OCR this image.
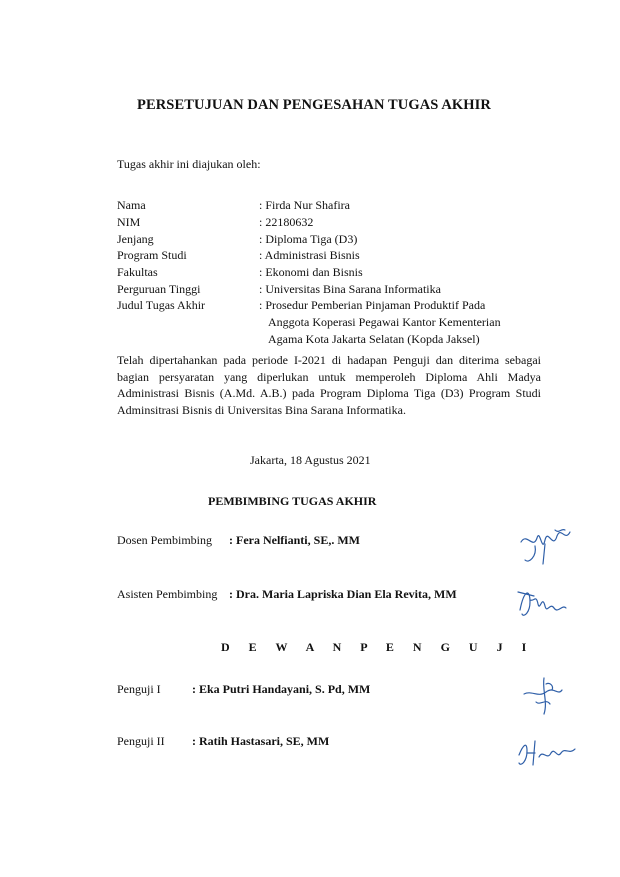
PERSETUJUAN DAN PENGESAHAN TUGAS AKHIR
Tugas akhir ini diajukan oleh:
Nama	: Firda Nur Shafira
NIM	: 22180632
Jenjang	: Diploma Tiga (D3)
Program Studi	: Administrasi Bisnis
Fakultas	: Ekonomi dan Bisnis
Perguruan Tinggi	: Universitas Bina Sarana Informatika
Judul Tugas Akhir	: Prosedur Pemberian Pinjaman Produktif Pada
Anggota Koperasi Pegawai Kantor Kementerian
Agama Kota Jakarta Selatan (Kopda Jaksel)
Telah dipertahankan pada periode I-2021 di hadapan Penguji dan diterima sebagai
bagian persyaratan yang diperlukan untuk memperoleh Diploma Ahli Madya
Administrasi Bisnis (A.Md. A.B.) pada Program Diploma Tiga (D3) Program Studi
Adminsitrasi Bisnis di Universitas Bina Sarana Informatika.
Jakarta, 18 Agustus 2021
PEMBIMBING TUGAS AKHIR
Dosen Pembimbing : Fera Nelfianti, SE,. MM
Asisten Pembimbing : Dra. Maria Lapriska Dian Ela Revita, MM
D E W A N P E N G U J I
Penguji I	: Eka Putri Handayani, S. Pd, MM
Penguji II : Ratih Hastasari, SE, MM
